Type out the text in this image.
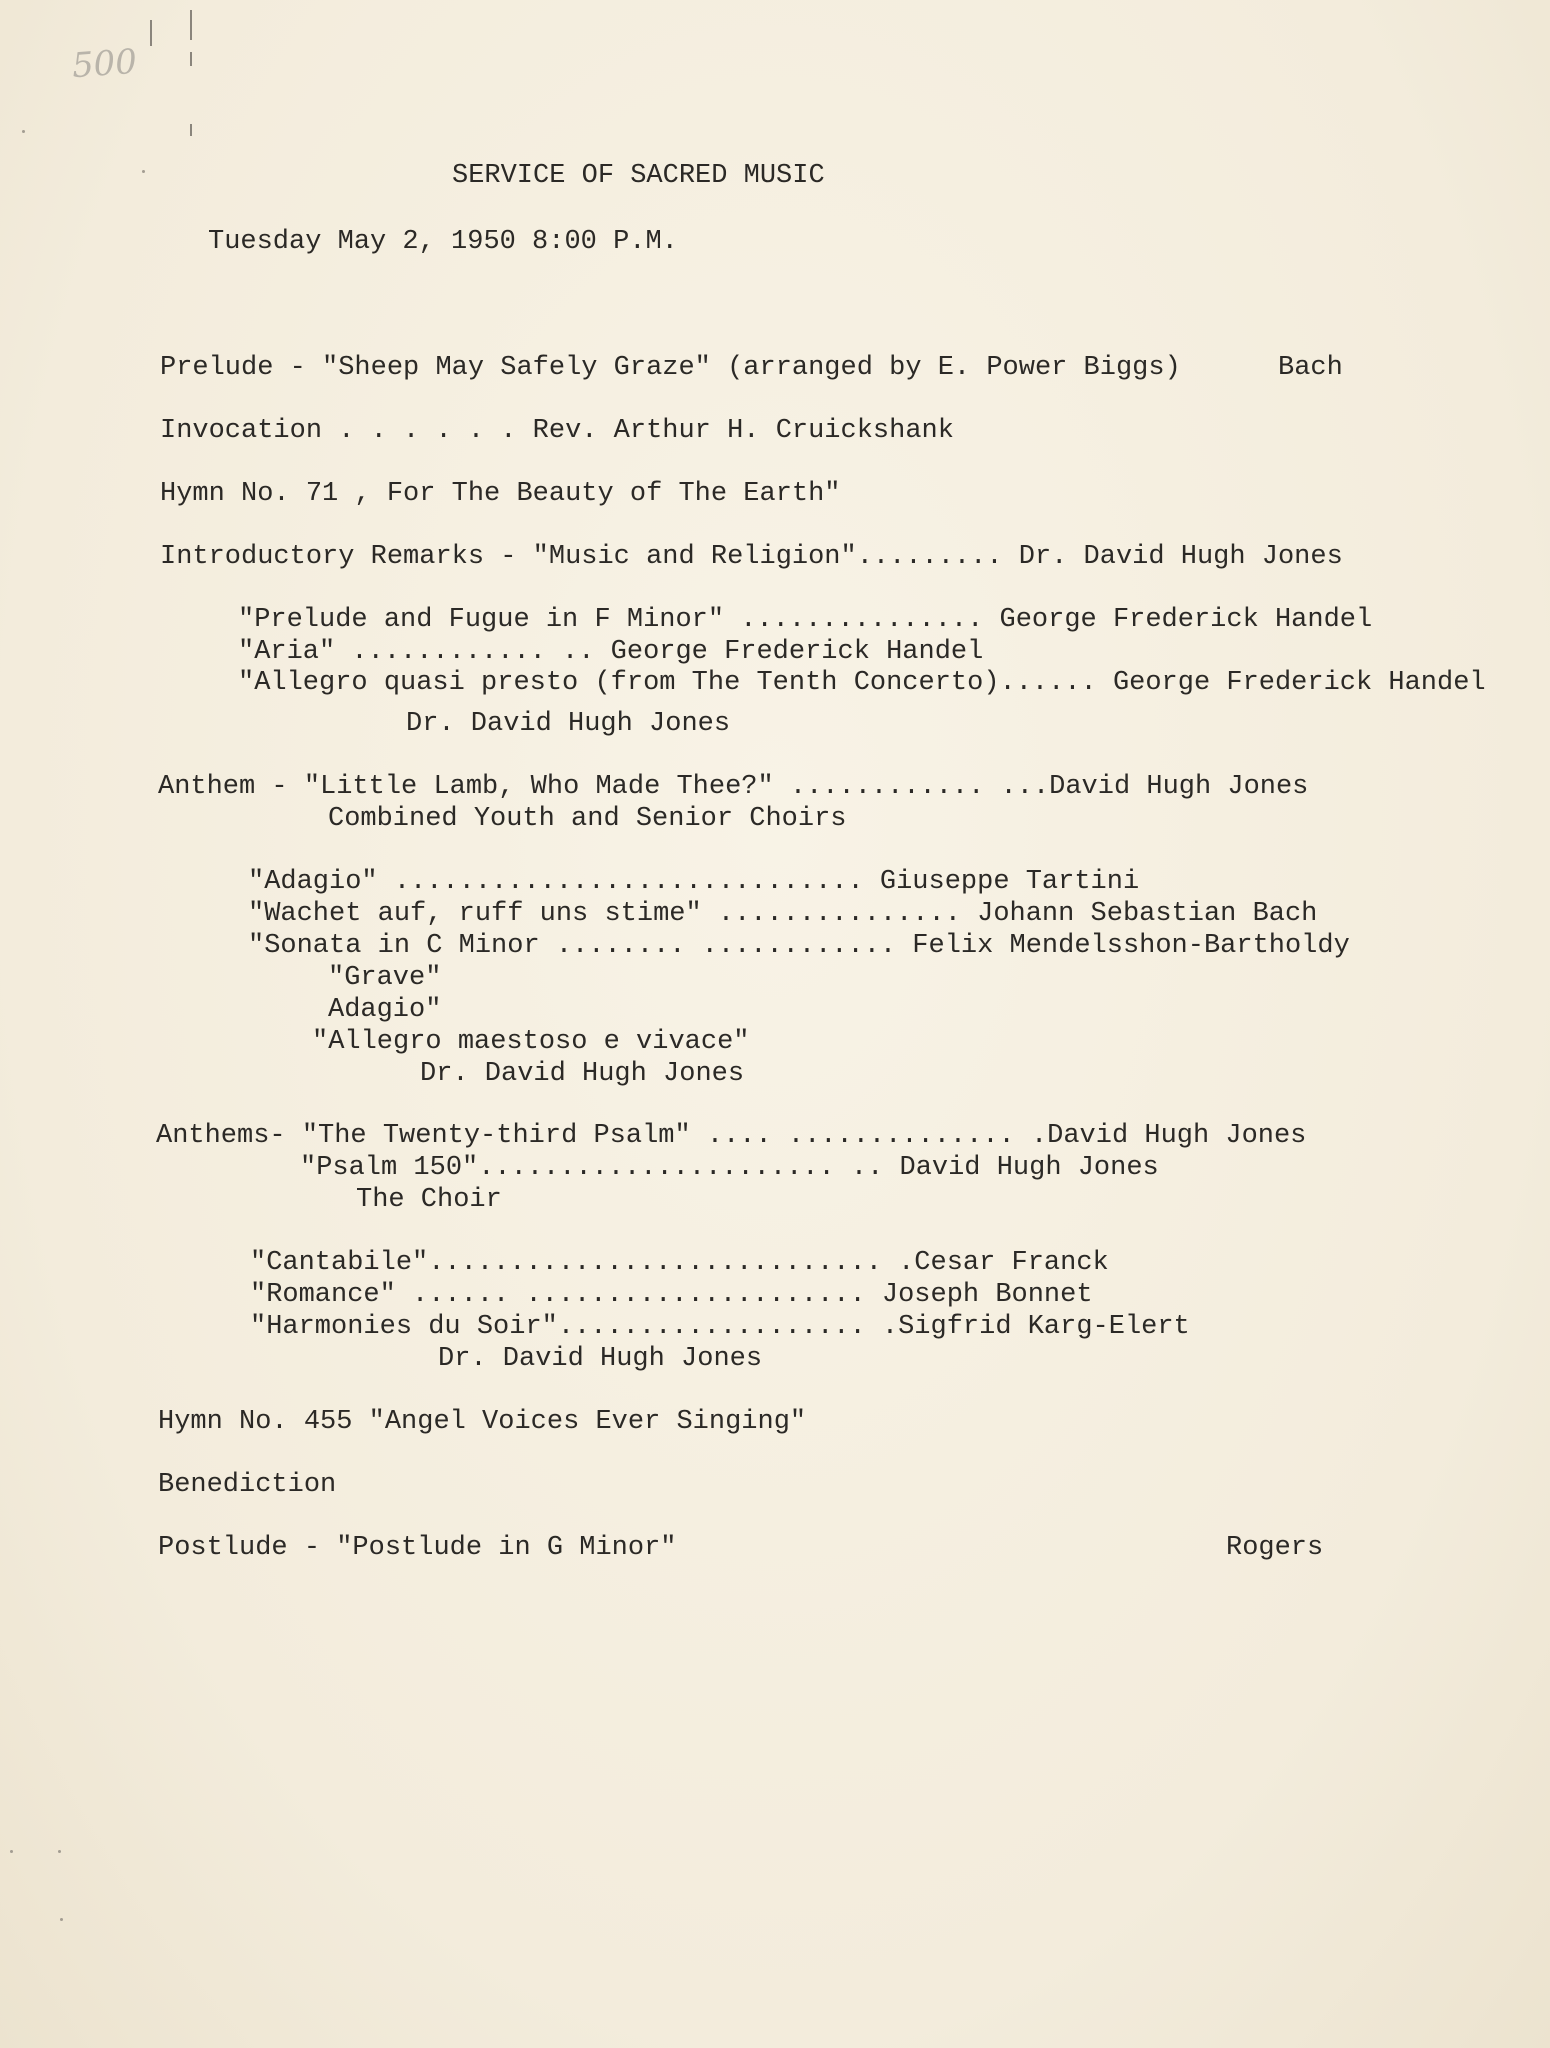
500
SERVICE OF SACRED MUSIC
Tuesday May 2, 1950 8:00 P.M.
Prelude - "Sheep May Safely Graze" (arranged by E. Power Biggs)	Bach
Invocation . . . . . . Rev. Arthur H. Cruickshank
Hymn No. 71 , For The Beauty of The Earth"
Introductory Remarks - "Music and Religion"......... Dr. David Hugh Jones
"Prelude and Fugue in F Minor" ............... George Frederick Handel
"Aria" ............ .. George Frederick Handel
"Allegro quasi presto (from The Tenth Concerto)...... George Frederick Handel
Dr. David Hugh Jones
Anthem - "Little Lamb, Who Made Thee?" ............ ...David Hugh Jones
Combined Youth and Senior Choirs
"Adagio" ............................. Giuseppe Tartini
"Wachet auf, ruff uns stime" ............... Johann Sebastian Bach
"Sonata in C Minor ........ ............ Felix Mendelsshon-Bartholdy
"Grave"
Adagio"
"Allegro maestoso e vivace"
Dr. David Hugh Jones
Anthems- "The Twenty-third Psalm" .... .............. .David Hugh Jones
"Psalm 150"...................... .. David Hugh Jones
The Choir
"Cantabile"............................ .Cesar Franck
"Romance" ...... ..................... Joseph Bonnet
"Harmonies du Soir"................... .Sigfrid Karg-Elert
Dr. David Hugh Jones
Hymn No. 455 "Angel Voices Ever Singing"
Benediction
Postlude - "Postlude in G Minor"	Rogers
